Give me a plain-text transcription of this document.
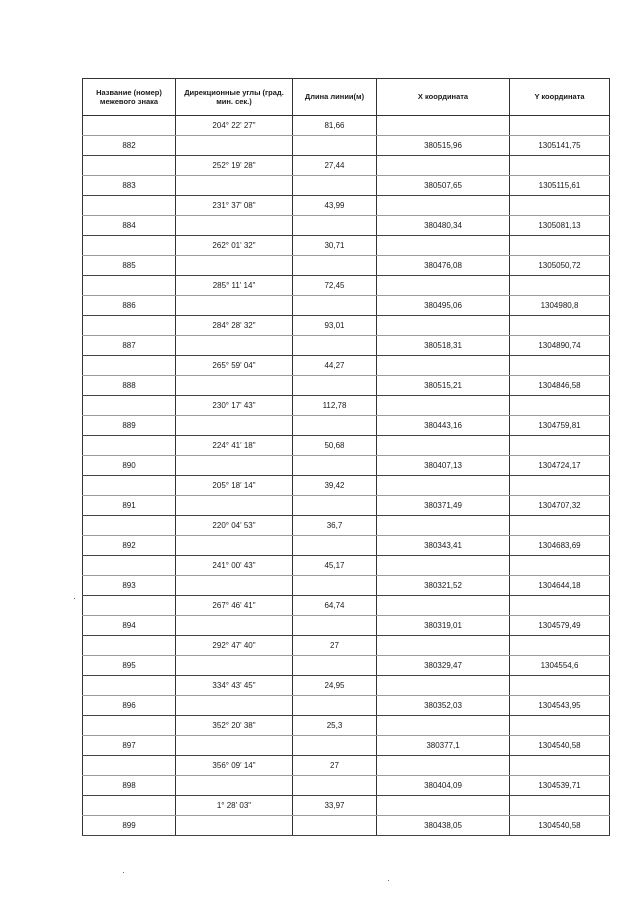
Название (номер) межевого знака	Дирекционные углы (град. мин. сек.)	Длина линии(м)	X координата	Y координата
	204° 22' 27"	81,66		
882			380515,96	1305141,75
	252° 19' 28"	27,44		
883			380507,65	1305115,61
	231° 37' 08"	43,99		
884			380480,34	1305081,13
	262° 01' 32"	30,71		
885			380476,08	1305050,72
	285° 11' 14"	72,45		
886			380495,06	1304980,8
	284° 28' 32"	93,01		
887			380518,31	1304890,74
	265° 59' 04"	44,27		
888			380515,21	1304846,58
	230° 17' 43"	112,78		
889			380443,16	1304759,81
	224° 41' 18"	50,68		
890			380407,13	1304724,17
	205° 18' 14"	39,42		
891			380371,49	1304707,32
	220° 04' 53"	36,7		
892			380343,41	1304683,69
	241° 00' 43"	45,17		
893			380321,52	1304644,18
	267° 46' 41"	64,74		
894			380319,01	1304579,49
	292° 47' 40"	27		
895			380329,47	1304554,6
	334° 43' 45"	24,95		
896			380352,03	1304543,95
	352° 20' 38"	25,3		
897			380377,1	1304540,58
	356° 09' 14"	27		
898			380404,09	1304539,71
	1° 28' 03"	33,97		
899			380438,05	1304540,58
